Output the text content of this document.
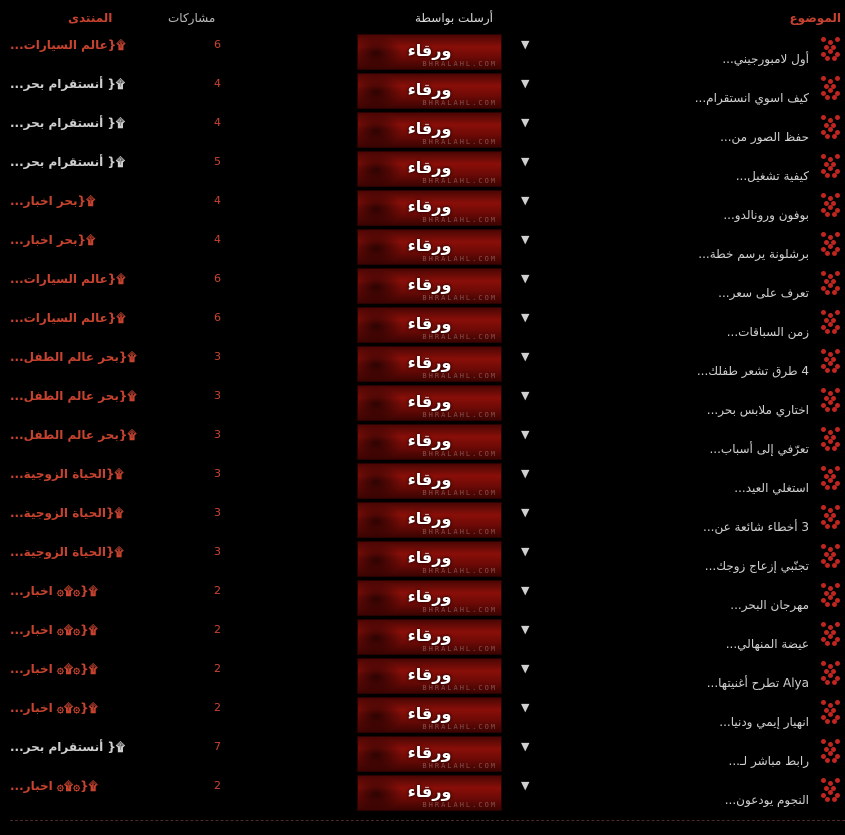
الموضوع
أرسلت بواسطة
مشاركات
المنتدى
أول لامبورجيني...
▼
ورقاء
BHRALAHL.COM
6
۩{عالم السيارات...
كيف اسوي انستقرام...
▼
ورقاء
BHRALAHL.COM
4
۩{ أنستقرام بحر...
حفظ الصور من...
▼
ورقاء
BHRALAHL.COM
4
۩{ أنستقرام بحر...
كيفية تشغيل...
▼
ورقاء
BHRALAHL.COM
5
۩{ أنستقرام بحر...
بوفون ورونالدو...
▼
ورقاء
BHRALAHL.COM
4
۩{بحر اخبار...
برشلونة يرسم خطة...
▼
ورقاء
BHRALAHL.COM
4
۩{بحر اخبار...
تعرف على سعر...
▼
ورقاء
BHRALAHL.COM
6
۩{عالم السيارات...
زمن السباقات...
▼
ورقاء
BHRALAHL.COM
6
۩{عالم السيارات...
4 طرق تشعر طفلك...
▼
ورقاء
BHRALAHL.COM
3
۩{بحر عالم الطفل...
اختاري ملابس بحر...
▼
ورقاء
BHRALAHL.COM
3
۩{بحر عالم الطفل...
تعرّفي إلى أسباب...
▼
ورقاء
BHRALAHL.COM
3
۩{بحر عالم الطفل...
استغلي العيد...
▼
ورقاء
BHRALAHL.COM
3
۩{الحياة الزوجية...
3 أخطاء شائعة عن...
▼
ورقاء
BHRALAHL.COM
3
۩{الحياة الزوجية...
تجنّبي إزعاج زوجك...
▼
ورقاء
BHRALAHL.COM
3
۩{الحياة الزوجية...
مهرجان البحر...
▼
ورقاء
BHRALAHL.COM
2
۩{۞۩۞ اخبار...
عيضة المنهالي...
▼
ورقاء
BHRALAHL.COM
2
۩{۞۩۞ اخبار...
Alya تطرح أغنيتها...
▼
ورقاء
BHRALAHL.COM
2
۩{۞۩۞ اخبار...
انهيار إيمي ودنيا...
▼
ورقاء
BHRALAHL.COM
2
۩{۞۩۞ اخبار...
رابط مباشر لـ...
▼
ورقاء
BHRALAHL.COM
7
۩{ أنستقرام بحر...
النجوم يودعون...
▼
ورقاء
BHRALAHL.COM
2
۩{۞۩۞ اخبار...
